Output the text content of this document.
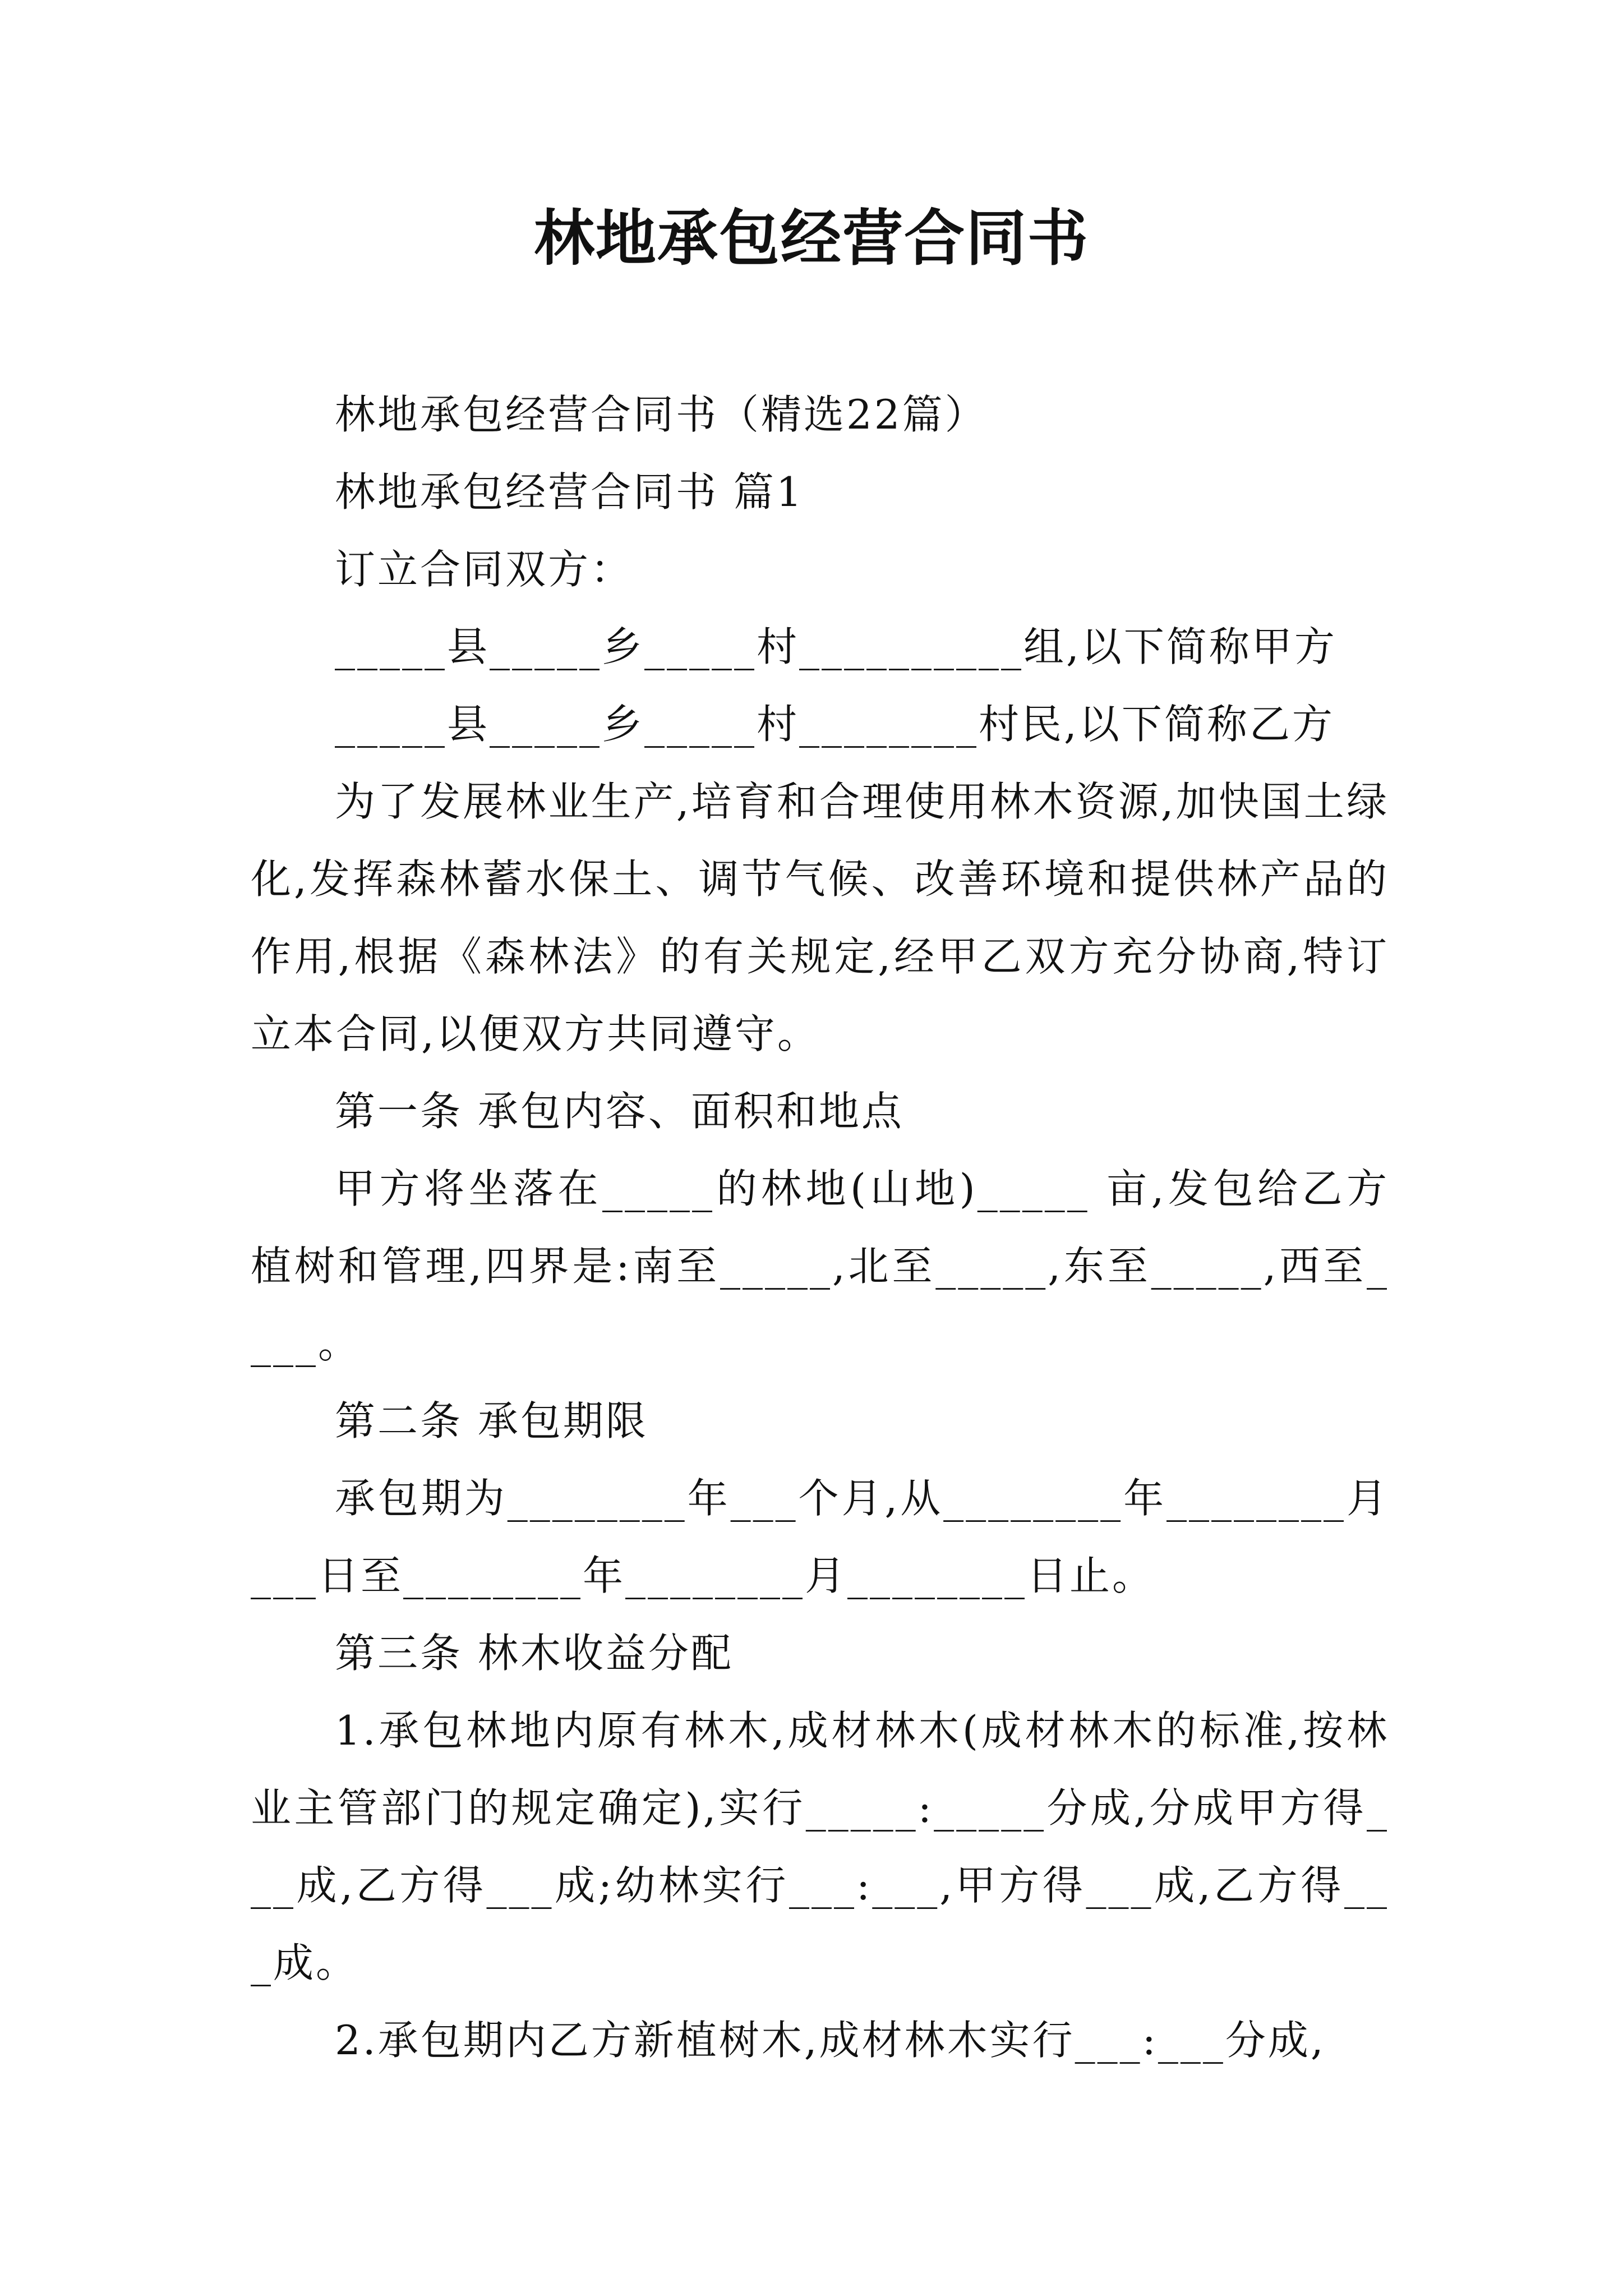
林地承包经营合同书
林地承包经营合同书（精选22篇）
林地承包经营合同书 篇1
订立合同双方：
_____县_____乡_____村__________组,以下简称甲方
_____县_____乡_____村________村民,以下简称乙方
为了发展林业生产,培育和合理使用林木资源,加快国土绿化,发挥森林蓄水保土、调节气候、改善环境和提供林产品的作用,根据《森林法》的有关规定,经甲乙双方充分协商,特订立本合同,以便双方共同遵守。
第一条 承包内容、面积和地点
甲方将坐落在_____的林地(山地)_____ 亩,发包给乙方植树和管理,四界是:南至_____,北至_____,东至_____,西至____。
第二条 承包期限
承包期为________年___个月,从________年________月___日至________年________月________日止。
第三条 林木收益分配
1.承包林地内原有林木,成材林木(成材林木的标准,按林业主管部门的规定确定),实行_____:_____分成,分成甲方得___成,乙方得___成;幼林实行___:___,甲方得___成,乙方得___成。
2.承包期内乙方新植树木,成材林木实行___:___分成,
